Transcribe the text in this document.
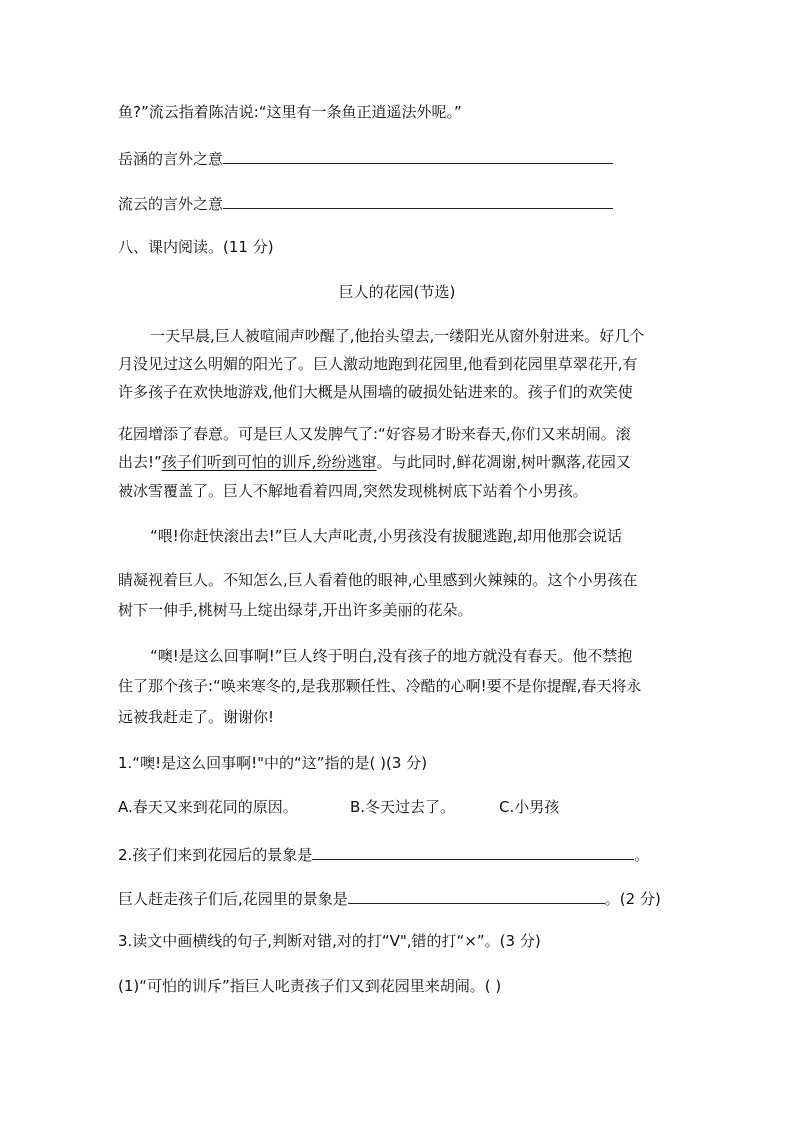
鱼?”流云指着陈洁说:“这里有一条鱼正逍遥法外呢。”
岳涵的言外之意
流云的言外之意
八、课内阅读。(11 分)
巨人的花园(节选)
一天早晨,巨人被喧闹声吵醒了,他抬头望去,一缕阳光从窗外射进来。好几个
月没见过这么明媚的阳光了。巨人激动地跑到花园里,他看到花园里草翠花开,有
许多孩子在欢快地游戏,他们大概是从围墙的破损处钻进来的。孩子们的欢笑使
花园增添了春意。可是巨人又发脾气了:“好容易才盼来春天,你们又来胡闹。滚
出去!”孩子们听到可怕的训斥,纷纷逃窜。与此同时,鲜花凋谢,树叶飘落,花园又
被冰雪覆盖了。巨人不解地看着四周,突然发现桃树底下站着个小男孩。
“喂!你赶快滚出去!”巨人大声叱责,小男孩没有拔腿逃跑,却用他那会说话
睛凝视着巨人。不知怎么,巨人看着他的眼神,心里感到火辣辣的。这个小男孩在
树下一伸手,桃树马上绽出绿芽,开出许多美丽的花朵。
“噢!是这么回事啊!”巨人终于明白,没有孩子的地方就没有春天。他不禁抱
住了那个孩子:“唤来寒冬的,是我那颗任性、冷酷的心啊!要不是你提醒,春天将永
远被我赶走了。谢谢你!
1.“噢!是这么回事啊!"中的“这”指的是( )(3 分)
A.春天又来到花同的原因。	B.冬天过去了。	C.小男孩
2.孩子们来到花园后的景象是	。
巨人赶走孩子们后,花园里的景象是	。(2 分)
3.读文中画横线的句子,判断对错,对的打“V",错的打“×”。(3 分)
(1)“可怕的训斥”指巨人叱责孩子们又到花园里来胡闹。( )
